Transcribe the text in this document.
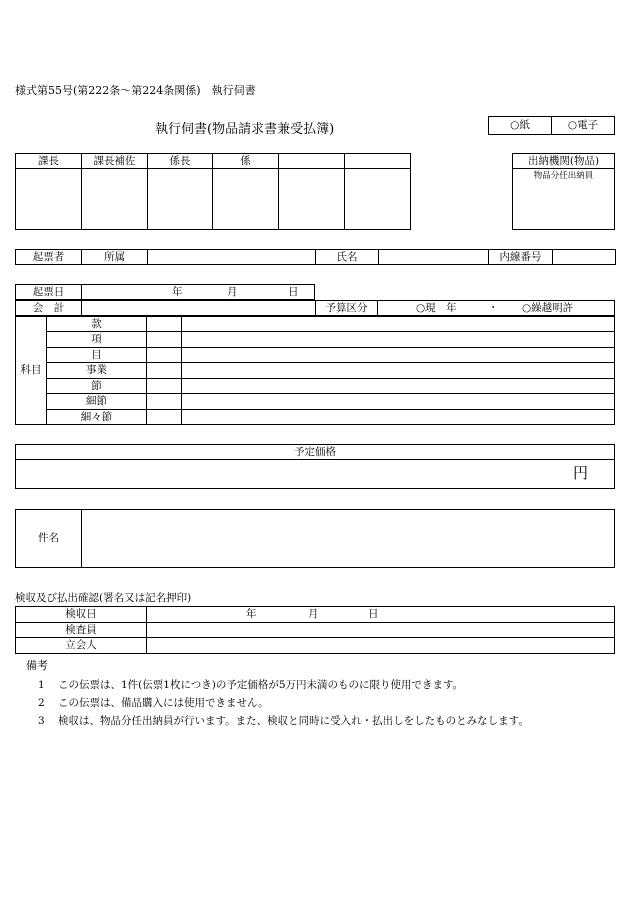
様式第55号(第222条〜第224条関係)　執行伺書
執行伺書(物品請求書兼受払簿)	○紙	○電子
課長	課長補佐	係長	係		
						出納機関(物品)
物品分任出納員
起票者	所属		氏名		内線番号	
起票日	年	月	日
会　計		予算区分	○現　年	・ ○繰越明許
科目	款		
	項		
	目		
	事業		
	節		
	細節		
	細々節		
予定価格

円
件名	
検収及び払出確認(署名又は記名押印)
検収日	年 月 日

検査員	
立会人	
備考
1 この伝票は、1件(伝票1枚につき)の予定価格が5万円未満のものに限り使用できます。
2 この伝票は、備品購入には使用できません。
3 検収は、物品分任出納員が行います。また、検収と同時に受入れ・払出しをしたものとみなします。
